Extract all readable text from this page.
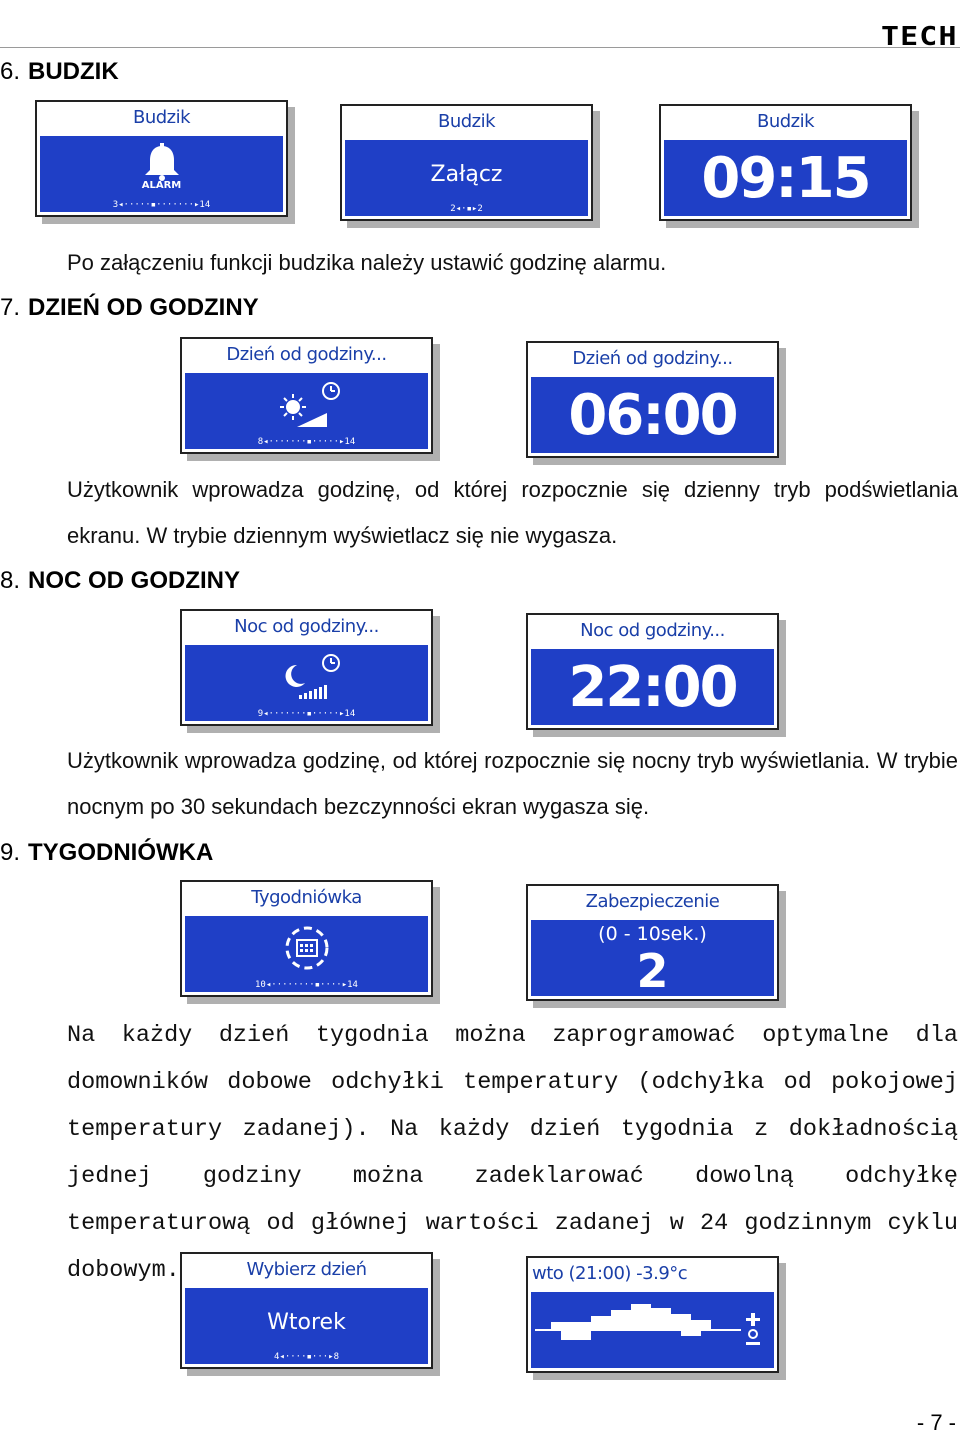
TECH
6. BUDZIK
Budzik
ALARM
3◂·····▪·······▸14
Budzik
Załącz
2◂·▪▸2
Budzik
09:15

Po załączeniu funkcji budzika należy ustawić godzinę alarmu.

7. DZIEŃ OD GODZINY
Dzień od godziny...
8◂·······▪·····▸14
Dzień od godziny...
06:00

Użytkownik wprowadza godzinę, od której rozpocznie się dzienny tryb podświetlania ekranu. W trybie dziennym wyświetlacz się nie wygasza.

8. NOC OD GODZINY
Noc od godziny...
9◂·······▪·····▸14
Noc od godziny...
22:00

Użytkownik wprowadza godzinę, od której rozpocznie się nocny tryb wyświetlania. W trybie nocnym po 30 sekundach bezczynności ekran wygasza się.

9. TYGODNIÓWKA
Tygodniówka
10◂········▪····▸14
Zabezpieczenie
(0 - 10sek.)
2

Na każdy dzień tygodnia można zaprogramować optymalne dla domowników dobowe odchyłki temperatury (odchyłka od pokojowej temperatury zadanej). Na każdy dzień tygodnia z dokładnością jednej godziny można zadeklarować dowolną odchyłkę temperaturową od głównej wartości zadanej w 24 godzinnym cyklu dobowym.	Wybierz dzień
Wtorek
4◂····▪···▸8
wto (21:00) -3.9°c
- 7 -
